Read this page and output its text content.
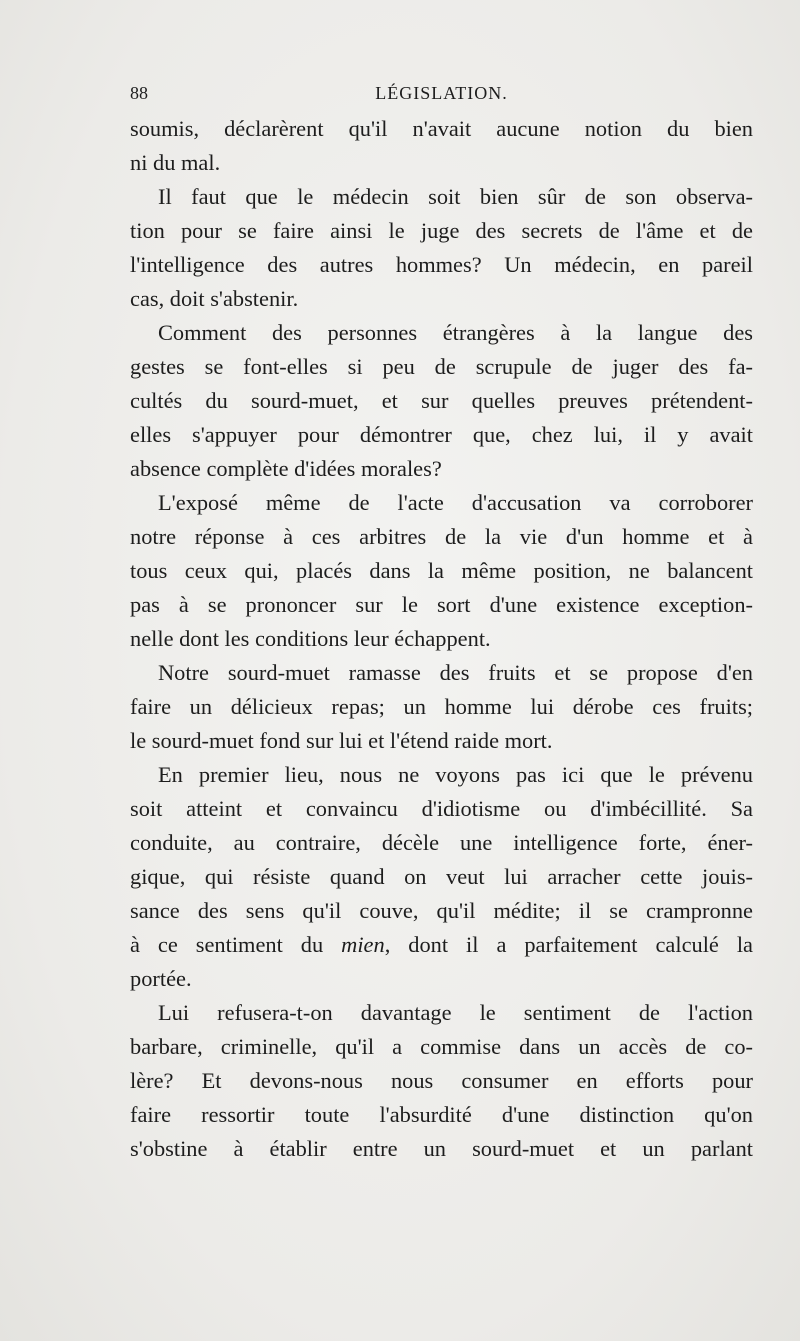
88	LÉGISLATION.
soumis, déclarèrent qu'il n'avait aucune notion du bien
ni du mal.
Il faut que le médecin soit bien sûr de son observa-
tion pour se faire ainsi le juge des secrets de l'âme et de
l'intelligence des autres hommes? Un médecin, en pareil
cas, doit s'abstenir.
Comment des personnes étrangères à la langue des
gestes se font-elles si peu de scrupule de juger des fa-
cultés du sourd-muet, et sur quelles preuves prétendent-
elles s'appuyer pour démontrer que, chez lui, il y avait
absence complète d'idées morales?
L'exposé même de l'acte d'accusation va corroborer
notre réponse à ces arbitres de la vie d'un homme et à
tous ceux qui, placés dans la même position, ne balancent
pas à se prononcer sur le sort d'une existence exception-
nelle dont les conditions leur échappent.
Notre sourd-muet ramasse des fruits et se propose d'en
faire un délicieux repas; un homme lui dérobe ces fruits;
le sourd-muet fond sur lui et l'étend raide mort.
En premier lieu, nous ne voyons pas ici que le prévenu
soit atteint et convaincu d'idiotisme ou d'imbécillité. Sa
conduite, au contraire, décèle une intelligence forte, éner-
gique, qui résiste quand on veut lui arracher cette jouis-
sance des sens qu'il couve, qu'il médite; il se crampronne
à ce sentiment du mien, dont il a parfaitement calculé la
portée.
Lui refusera-t-on davantage le sentiment de l'action
barbare, criminelle, qu'il a commise dans un accès de co-
lère? Et devons-nous nous consumer en efforts pour
faire ressortir toute l'absurdité d'une distinction qu'on
s'obstine à établir entre un sourd-muet et un parlant
